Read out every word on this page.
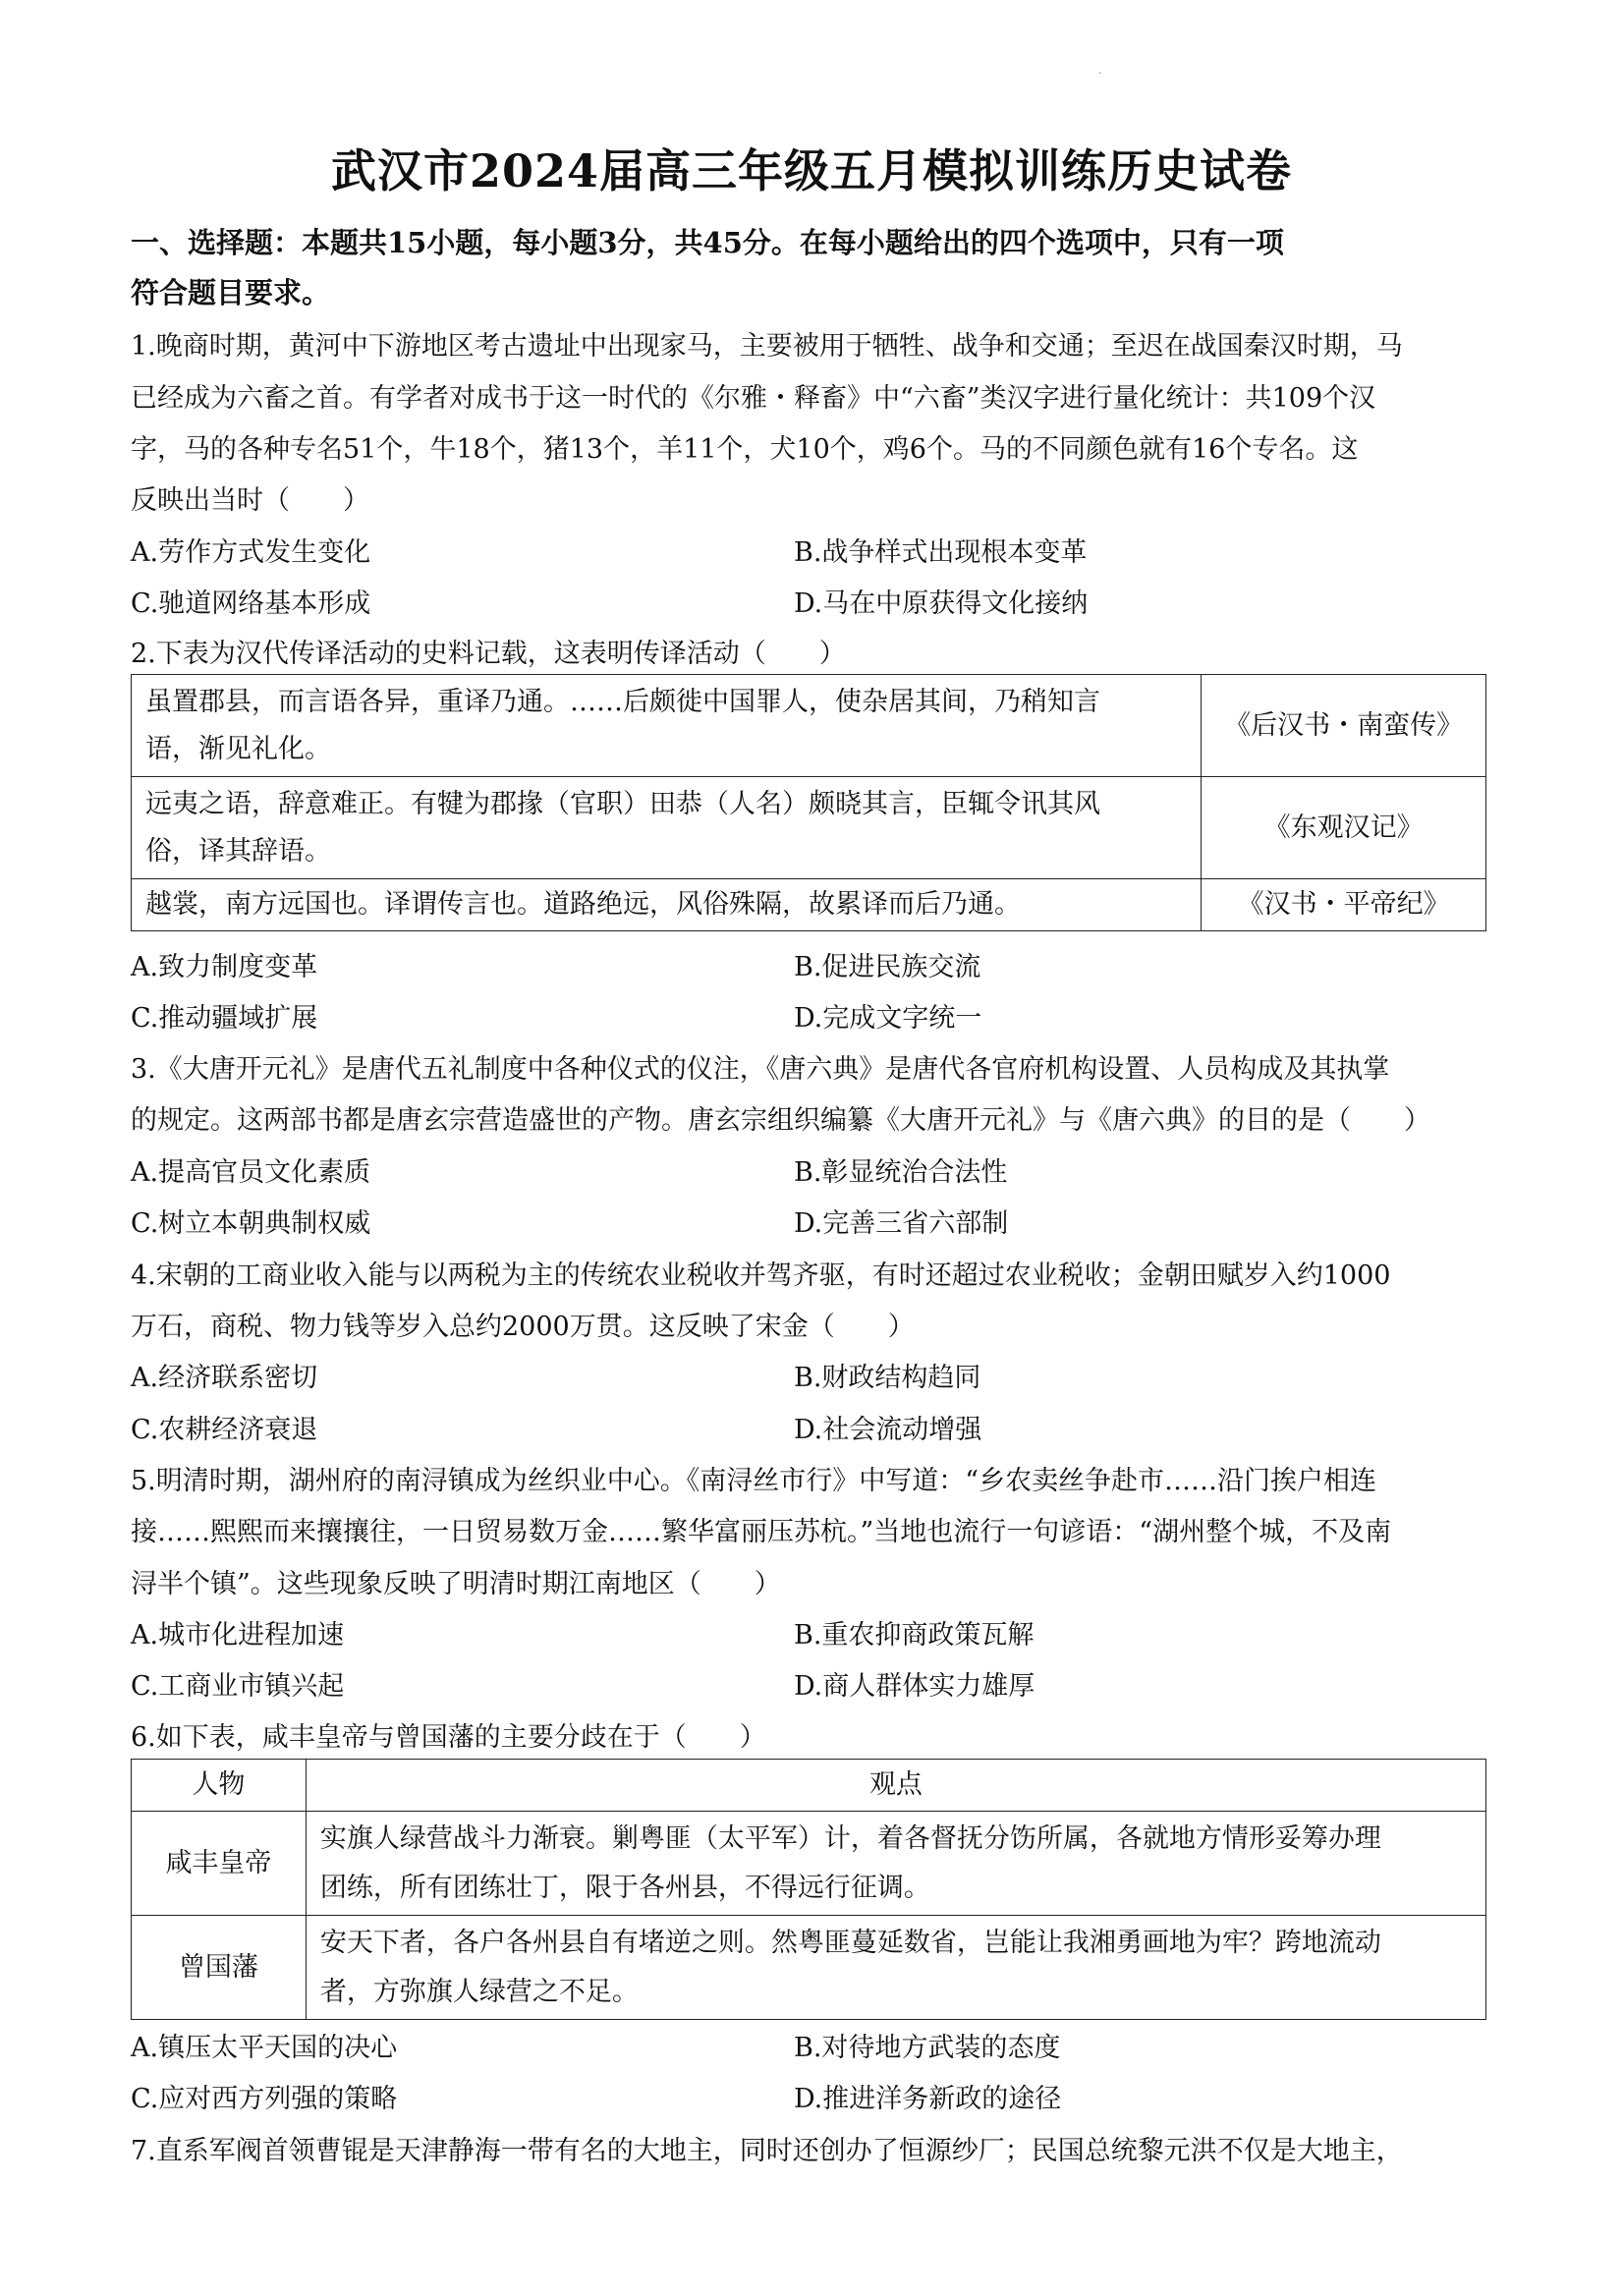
·
武汉市2024届高三年级五月模拟训练历史试卷
一、选择题：本题共15小题，每小题3分，共45分。在每小题给出的四个选项中，只有一项
符合题目要求。
1.晚商时期，黄河中下游地区考古遗址中出现家马，主要被用于牺牲、战争和交通；至迟在战国秦汉时期，马
已经成为六畜之首。有学者对成书于这一时代的《尔雅・释畜》中“六畜”类汉字进行量化统计：共109个汉
字，马的各种专名51个，牛18个，猪13个，羊11个，犬10个，鸡6个。马的不同颜色就有16个专名。这
反映出当时（　　）
A.劳作方式发生变化	B.战争样式出现根本变革
C.驰道网络基本形成	D.马在中原获得文化接纳
2.下表为汉代传译活动的史料记载，这表明传译活动（　　）
虽置郡县，而言语各异，重译乃通。……后颇徙中国罪人，使杂居其间，乃稍知言
语，渐见礼化。	《后汉书・南蛮传》

远夷之语，辞意难正。有犍为郡掾（官职）田恭（人名）颇晓其言，臣辄令讯其风
俗，译其辞语。	《东观汉记》

越裳，南方远国也。译谓传言也。道路绝远，风俗殊隔，故累译而后乃通。	《汉书・平帝纪》
A.致力制度变革	B.促进民族交流
C.推动疆域扩展	D.完成文字统一
3.《大唐开元礼》是唐代五礼制度中各种仪式的仪注，《唐六典》是唐代各官府机构设置、人员构成及其执掌
的规定。这两部书都是唐玄宗营造盛世的产物。唐玄宗组织编纂《大唐开元礼》与《唐六典》的目的是（　　）
A.提高官员文化素质	B.彰显统治合法性
C.树立本朝典制权威	D.完善三省六部制
4.宋朝的工商业收入能与以两税为主的传统农业税收并驾齐驱，有时还超过农业税收；金朝田赋岁入约1000
万石，商税、物力钱等岁入总约2000万贯。这反映了宋金（　　）
A.经济联系密切	B.财政结构趋同
C.农耕经济衰退	D.社会流动增强
5.明清时期，湖州府的南浔镇成为丝织业中心。《南浔丝市行》中写道：“乡农卖丝争赴市……沿门挨户相连
接……熙熙而来攘攘往，一日贸易数万金……繁华富丽压苏杭。”当地也流行一句谚语：“湖州整个城，不及南
浔半个镇”。这些现象反映了明清时期江南地区（　　）
A.城市化进程加速	B.重农抑商政策瓦解
C.工商业市镇兴起	D.商人群体实力雄厚
6.如下表，咸丰皇帝与曾国藩的主要分歧在于（　　）
人物	观点
咸丰皇帝	实旗人绿营战斗力渐衰。剿粤匪（太平军）计，着各督抚分饬所属，各就地方情形妥筹办理
团练，所有团练壮丁，限于各州县，不得远行征调。

曾国藩	安天下者，各户各州县自有堵逆之则。然粤匪蔓延数省，岂能让我湘勇画地为牢？跨地流动
者，方弥旗人绿营之不足。
A.镇压太平天国的决心	B.对待地方武装的态度
C.应对西方列强的策略	D.推进洋务新政的途径
7.直系军阀首领曹锟是天津静海一带有名的大地主，同时还创办了恒源纱厂；民国总统黎元洪不仅是大地主，
